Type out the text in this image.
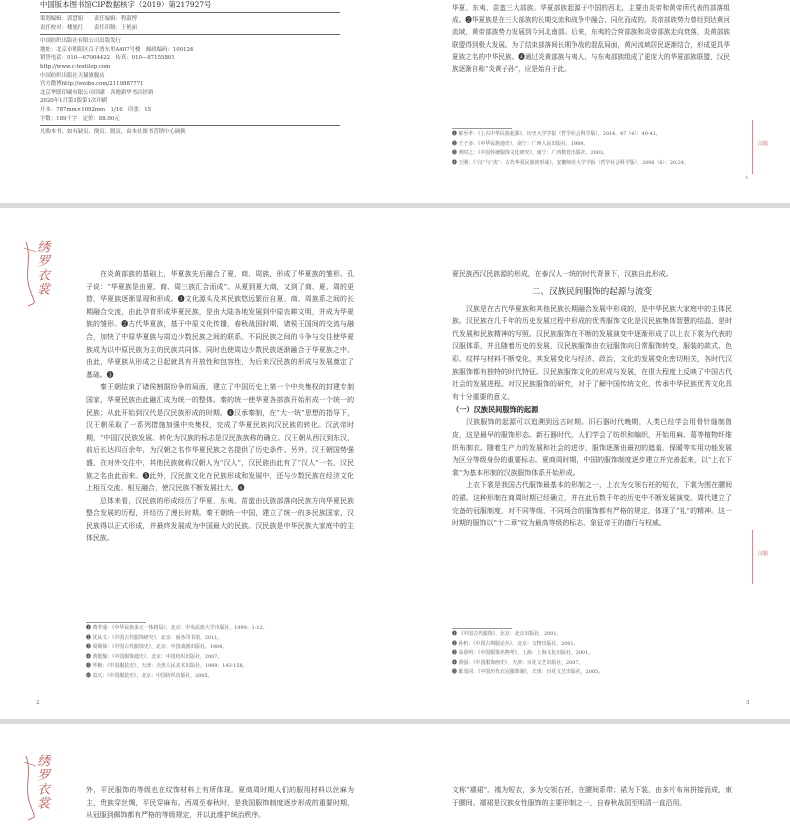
中国版本图书馆CIP数据核字（2019）第217927号

策划编辑：郭慧娟　　责任编辑：程淑博

责任校对：楼旭红　　责任印制：王艳丽

中国纺织出版社有限公司出版发行

地址：北京市朝阳区百子湾东里A407号楼　邮政编码：100124

销售电话：010—67004422　传真：010—87155801

http://www.c-textilep.com

中国纺织出版社天猫旗舰店

官方微博http://weibo.com/2119887771

北京华联印刷有限公司印刷　各地新华书店经销

2020年1月第1版第1次印刷

开本：787mm×1092mm　1/16　印张：15

字数：189千字　定价：88.00元

凡购本书，如有缺页、倒页、脱页，由本社图书营销中心调换

华夏、东夷、苗蛮三大部族。华夏部族起源于中国的西北，主要由炎帝和黄帝所代表的部落组成。❷华夏族是在三大部族的长期交流和战争中融合、同化而成的。炎帝部族势力曾经到达黄河流域，黄帝部族势力发展到今河北南部。后来，东夷的合营部族和炎帝部族走向衰落，炎黄部族联盟得到极大发展。为了结束部落间长期争战的混乱局面，黄河流域居民逐渐结合，形成更具华夏族之名的中华民族。❹通过炎黄部族与夷人、与东夷部族组成了更庞大的华夏部族联盟，汉民族逐渐自称“炎黄子孙”，应是始自于此。

❶ 陈至孝：《上古中华民族起源》，历史大学学报（哲学社会科学版），2014，47（4）：40-41。

❷ 王子多：《中华民族通史》，南宁：广西人民出版社，1989。

❸ 黄时之：《中国传统服饰文化研究》，南宁：广西教育出版社，2003。

❹ 王刚：《“汉”与“夷”：古代华夏民族的形成》，安徽师范大学学报（哲学社会科学版），2006（6）：20-24。

汉服
i
绣罗衣裳	在炎黄部族的基础上，华夏族先后融合了夏、商、周族，形成了华夏族的雏形。孔子说：“华夏族是由夏、商、周三族汇合而成”。从夏到夏大商，又到了商、夏、周的更替，华夏族逐渐显现和形成。❶文化源头及其民族悠远繁衍自夏、商、周族系之间的长期融合交流，由此孕育形成华夏民族，是由大陆各地发展到中原农耕文明，并成为华夏族的雏形。❷古代华夏族，基于中原文化传播，春秋战国时期，诸侯王国间的交流与融合，加快了中原华夏族与周边少数民族之间的联系。不同民族之间的斗争与交往使华夏族成为以中原民族为主的民族共同体，同时也使周边少数民族逐渐融合于华夏族之中。由此，华夏族从形成之日起就具有开放性和包容性，为后来汉民族的形成与发展奠定了基础。❸

秦王朝结束了诸侯割据纷争的局面，建立了中国历史上第一个中央集权的封建专制国家，华夏民族由此融汇成为统一的整体。秦的统一使华夏各部族开始形成一个统一的民族；从此开始到汉代是汉民族形成的时期。❹汉承秦制，在“大一统”思想的指导下，汉王朝采取了一系列措施加强中央集权，完成了华夏民族向汉民族的转化。汉武帝时期，“中国汉民族发展、转化为汉族的标志是汉民族族称的确立。汉王朝从西汉到东汉，前后长达四百余年，为汉朝之名作华夏民族之名提供了历史条件。另外，汉王朝国势强盛，在对外交往中，其他民族就称汉朝人为“汉人”，汉民族由此有了“汉人”一名，汉民族之名由此而来。❺此外，汉民族文化在民族形成和发展中，还与少数民族在经济文化上相互交流、相互融合，使汉民族不断发展壮大。❻

总体来看，汉民族的形成经历了华夏、东夷、苗蛮由氏族部落向民族方向华夏民族整合发展的历程，并经历了漫长时期。秦王朝统一中国，建立了统一的多民族国家，汉民族得以正式形成，并最终发展成为中国最大的民族。汉民族是中华民族大家庭中的主体民族。

❶ 费孝通：《中华民族多元一体格局》，北京：中央民族大学出版社，1999：1-12。

❷ 沈从文：《中国古代服饰研究》，北京：商务印书馆，2011。

❸ 周锡保：《中国古代服饰史》，北京：中国戏剧出版社，1984。

❹ 黄能馥：《中国服饰通史》，北京：中国纺织出版社，2007。

❺ 华梅：《中国服装史》，天津：天津人民美术出版社，1989：143-158。

❻ 袁仄：《中国服装史》，北京：中国纺织出版社，2005。

2

夏民族西汉民族源的形成，在泰汉人一统的时代背景下，汉族自此形成。

二、汉族民间服饰的起源与流变

汉族是在古代华夏族和其他民族长期融合发展中形成的，是中华民族大家庭中的主体民族。汉民族在几千年的历史发展过程中形成的优秀服饰文化是汉民族集体智慧的结晶，是时代发展和民族精神的写照。汉民族服饰在不断的发展演变中逐渐形成了以上衣下裳为代表的汉服体系，并且随着历史的发展，汉民族服饰由衣冠服饰向日常服饰转变，服装的款式、色彩、纹样与材料不断变化，其发展变化与经济、政治、文化的发展变化密切相关，各时代汉族服饰都有独特的时代特征。汉民族服饰文化的形成与发展，在很大程度上反映了中国古代社会的发展进程。对汉民族服饰的研究，对于了解中国传统文化，传承中华民族优秀文化具有十分重要的意义。

（一）汉族民间服饰的起源

汉族服饰的起源可以追溯到远古时期。旧石器时代晚期，人类已经学会用骨针缝制兽皮，这是最早的服饰形态。新石器时代，人们学会了纺织和编织，开始用麻、葛等植物纤维织布制衣。随着生产力的发展和社会的进步，服饰逐渐由最初的遮羞、保暖等实用功能发展为区分等级身份的重要标志。夏商周时期，中国的服饰制度逐步建立并完善起来，以“上衣下裳”为基本形制的汉族服饰体系开始形成。

上衣下裳是我国古代服饰最基本的形制之一，上衣为交领右衽的短衣，下裳为围在腰间的裙。这种形制在商周时期已经确立，并在此后数千年的历史中不断发展演变。周代建立了完备的冠服制度，对不同等级、不同场合的服饰都有严格的规定，体现了“礼”的精神。这一时期的服饰以“十二章”纹为最高等级的标志，象征帝王的德行与权威。

❶ 《中国古代服饰》，北京：北京出版社，2001。

❷ 孙机：《中国古舆服论丛》，北京：文物出版社，2001。

❸ 高春明：《中国服饰名物考》，上海：上海文化出版社，2001。

❹ 黄强：《中国服饰画史》，天津：百花文艺出版社，2007。

❺ 陈茂同：《中国历代衣冠服饰制》，天津：百花文艺出版社，2005。

汉服
3
绣罗衣裳	外，平民服饰的等级也在纹饰材料上有所体现。夏商周时期人们的服用材料以丝麻为主，贵族穿丝绸，平民穿麻布。西周至春秋时，是我国服饰制度逐步形成的重要时期，从冠服到佩饰都有严格的等级规定，并以此维护统治秩序。
文称“襦裙”。襦为短衣，多为交领右衽，在腰间系带；裙为下装，由多片布帛拼接而成，束于腰间。襦裙是汉族女性服饰的主要形制之一，自春秋战国至明清一直沿用。
